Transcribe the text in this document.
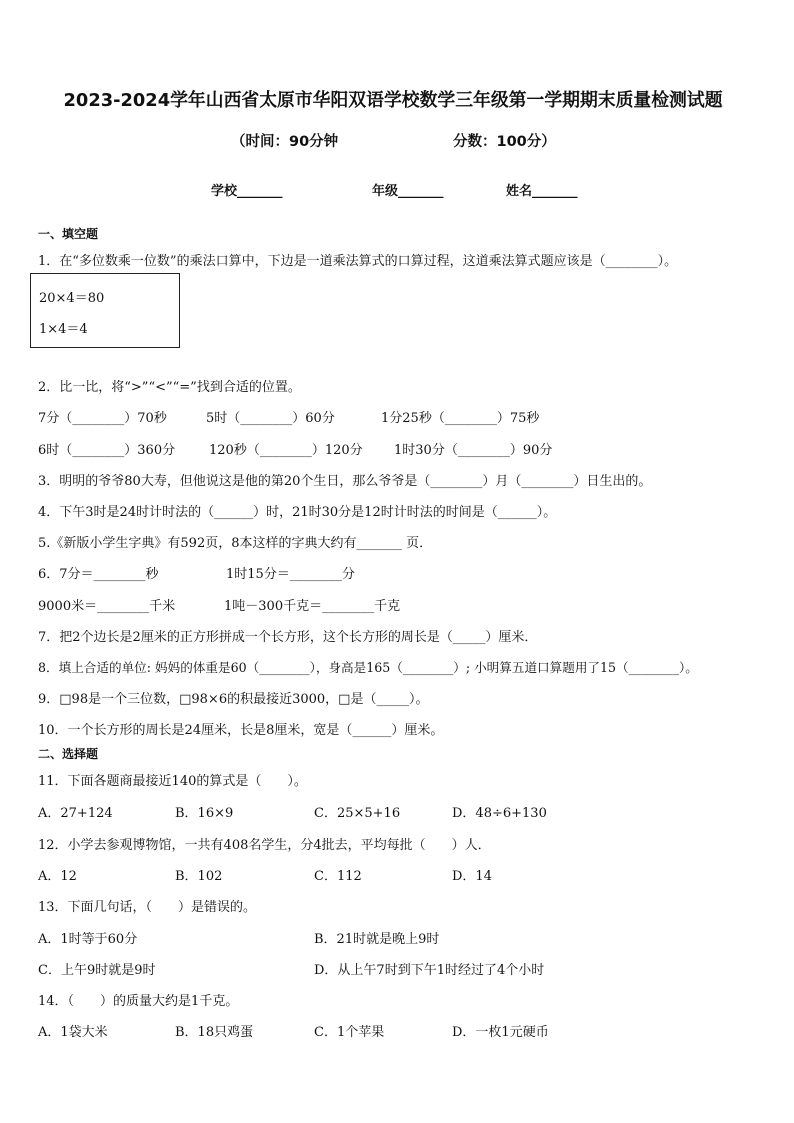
2023-2024学年山西省太原市华阳双语学校数学三年级第一学期期末质量检测试题
（时间：90分钟	分数：100分）
学校_______	年级_______	姓名_______
一、填空题
1．在“多位数乘一位数”的乘法口算中，下边是一道乘法算式的口算过程，这道乘法算式题应该是（________）。
20×4＝80
1×4＝4
2．比一比，将“>”“<”“=”找到合适的位置。
7分（________）70秒	5时（________）60分	1分25秒（________）75秒
6时（________）360分	120秒（________）120分 1时30分（________）90分
3．明明的爷爷80大寿，但他说这是他的第20个生日，那么爷爷是（________）月（________）日生出的。
4．下午3时是24时计时法的（______）时，21时30分是12时计时法的时间是（______）。
5.《新版小学生字典》有592页，8本这样的字典大约有_______ 页．
6．7分＝________秒	1时15分＝________分
9000米＝________千米	1吨－300千克＝________千克
7．把2个边长是2厘米的正方形拼成一个长方形，这个长方形的周长是（_____）厘米．
8．填上合适的单位: 妈妈的体重是60（________），身高是165（________）; 小明算五道口算题用了15（________）。
9．□98是一个三位数，□98×6的积最接近3000，□是（_____）。
10．一个长方形的周长是24厘米，长是8厘米，宽是（______）厘米。
二、选择题
11．下面各题商最接近140的算式是（　　）。
A．27+124	B．16×9	C．25×5+16	D．48÷6+130
12．小学去参观博物馆，一共有408名学生，分4批去，平均每批（　　）人．
A．12	B．102	C．112	D．14
13．下面几句话，（　　）是错误的。
A．1时等于60分	B．21时就是晚上9时
C．上午9时就是9时	D．从上午7时到下午1时经过了4个小时
14．（　　）的质量大约是1千克。
A．1袋大米	B．18只鸡蛋	C．1个苹果	D．一枚1元硬币
